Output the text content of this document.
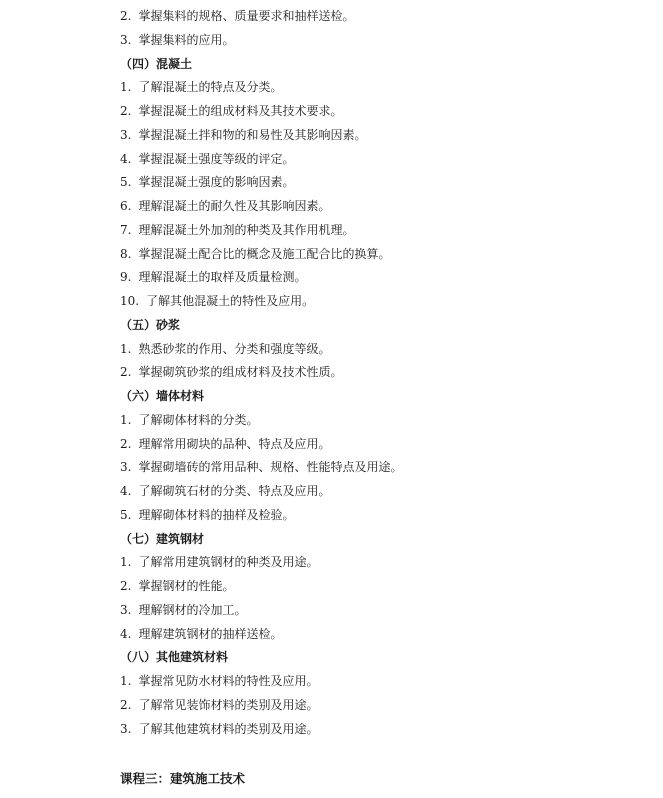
2. 掌握集料的规格、质量要求和抽样送检。
3. 掌握集料的应用。
（四）混凝土
1. 了解混凝土的特点及分类。
2. 掌握混凝土的组成材料及其技术要求。
3. 掌握混凝土拌和物的和易性及其影响因素。
4. 掌握混凝土强度等级的评定。
5. 掌握混凝土强度的影响因素。
6. 理解混凝土的耐久性及其影响因素。
7. 理解混凝土外加剂的种类及其作用机理。
8. 掌握混凝土配合比的概念及施工配合比的换算。
9. 理解混凝土的取样及质量检测。
10. 了解其他混凝土的特性及应用。
（五）砂浆
1. 熟悉砂浆的作用、分类和强度等级。
2. 掌握砌筑砂浆的组成材料及技术性质。
（六）墙体材料
1. 了解砌体材料的分类。
2. 理解常用砌块的品种、特点及应用。
3. 掌握砌墙砖的常用品种、规格、性能特点及用途。
4. 了解砌筑石材的分类、特点及应用。
5. 理解砌体材料的抽样及检验。
（七）建筑钢材
1. 了解常用建筑钢材的种类及用途。
2. 掌握钢材的性能。
3. 理解钢材的冷加工。
4. 理解建筑钢材的抽样送检。
（八）其他建筑材料
1. 掌握常见防水材料的特性及应用。
2. 了解常见装饰材料的类别及用途。
3. 了解其他建筑材料的类别及用途。
课程三：建筑施工技术
